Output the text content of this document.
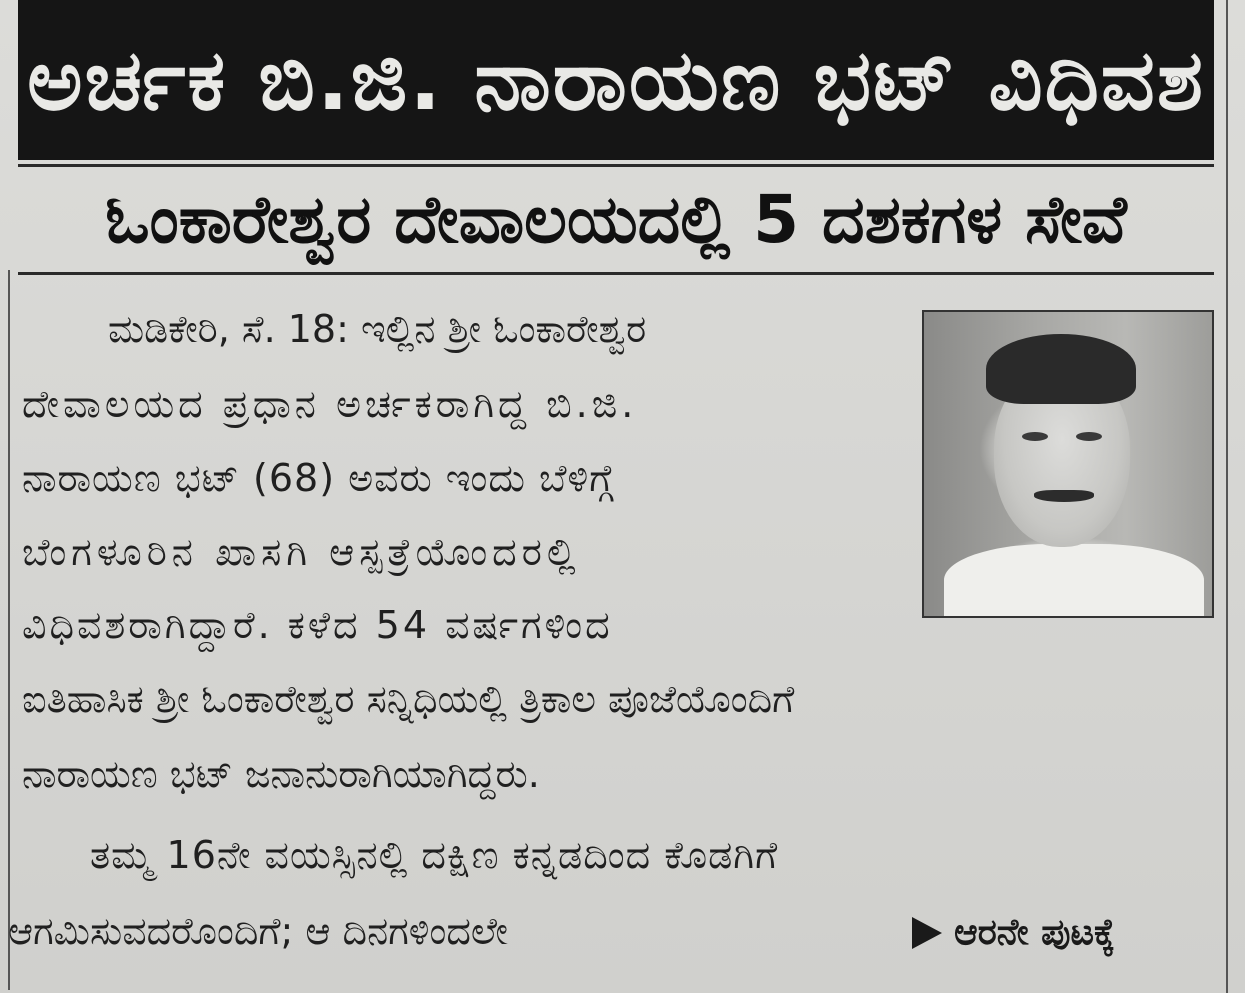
ಅರ್ಚಕ ಬಿ.ಜಿ. ನಾರಾಯಣ ಭಟ್ ವಿಧಿವಶ
ಓಂಕಾರೇಶ್ವರ ದೇವಾಲಯದಲ್ಲಿ 5 ದಶಕಗಳ ಸೇವೆ

ಮಡಿಕೇರಿ, ಸೆ. 18: ಇಲ್ಲಿನ ಶ್ರೀ ಓಂಕಾರೇಶ್ವರ

ದೇವಾಲಯದ ಪ್ರಧಾನ ಅರ್ಚಕರಾಗಿದ್ದ ಬಿ.ಜಿ.

ನಾರಾಯಣ ಭಟ್ (68) ಅವರು ಇಂದು ಬೆಳಿಗ್ಗೆ

ಬೆಂಗಳೂರಿನ ಖಾಸಗಿ ಆಸ್ಪತ್ರೆಯೊಂದರಲ್ಲಿ

ವಿಧಿವಶರಾಗಿದ್ದಾರೆ. ಕಳೆದ 54 ವರ್ಷಗಳಿಂದ

ಐತಿಹಾಸಿಕ ಶ್ರೀ ಓಂಕಾರೇಶ್ವರ ಸನ್ನಿಧಿಯಲ್ಲಿ ತ್ರಿಕಾಲ ಪೂಜೆಯೊಂದಿಗೆ

ನಾರಾಯಣ ಭಟ್ ಜನಾನುರಾಗಿಯಾಗಿದ್ದರು.

ತಮ್ಮ 16ನೇ ವಯಸ್ಸಿನಲ್ಲಿ ದಕ್ಷಿಣ ಕನ್ನಡದಿಂದ ಕೊಡಗಿಗೆ

ಆಗಮಿಸುವದರೊಂದಿಗೆ; ಆ ದಿನಗಳಿಂದಲೇ	ಆರನೇ ಪುಟಕ್ಕೆ
